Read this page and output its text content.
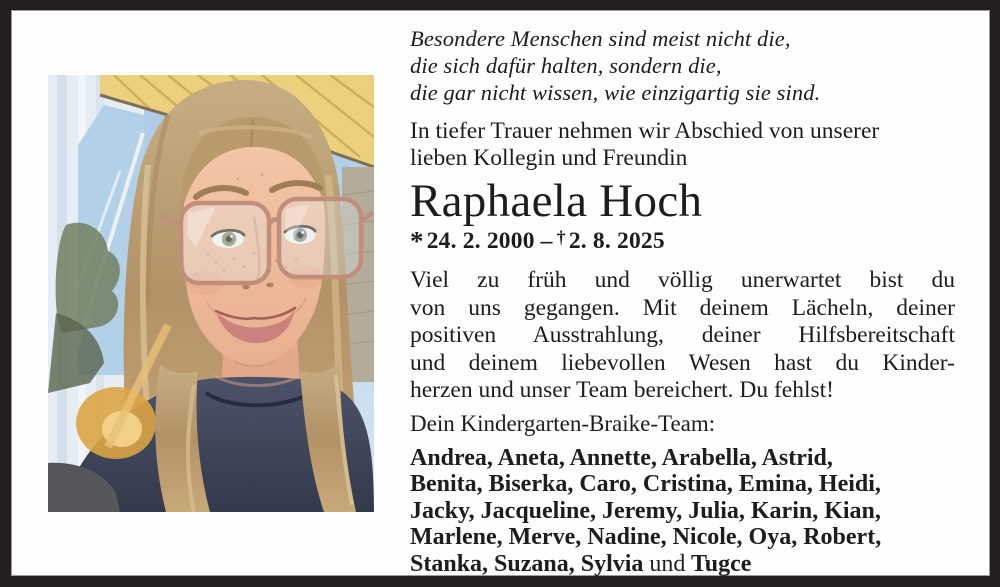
Besondere Menschen sind meist nicht die,
die sich dafür halten, sondern die,
die gar nicht wissen, wie einzigartig sie sind.
In tiefer Trauer nehmen wir Abschied von unserer
lieben Kollegin und Freundin
Raphaela Hoch
* 24. 2. 2000 – † 2. 8. 2025
Viel zu früh und völlig unerwartet bist du
von uns gegangen. Mit deinem Lächeln, deiner
positiven Ausstrahlung, deiner Hilfsbereitschaft
und deinem liebevollen Wesen hast du Kinder-
herzen und unser Team bereichert. Du fehlst!
Dein Kindergarten-Braike-Team:
Andrea, Aneta, Annette, Arabella, Astrid,
Benita, Biserka, Caro, Cristina, Emina, Heidi,
Jacky, Jacqueline, Jeremy, Julia, Karin, Kian,
Marlene, Merve, Nadine, Nicole, Oya, Robert,
Stanka, Suzana, Sylvia und Tugce
